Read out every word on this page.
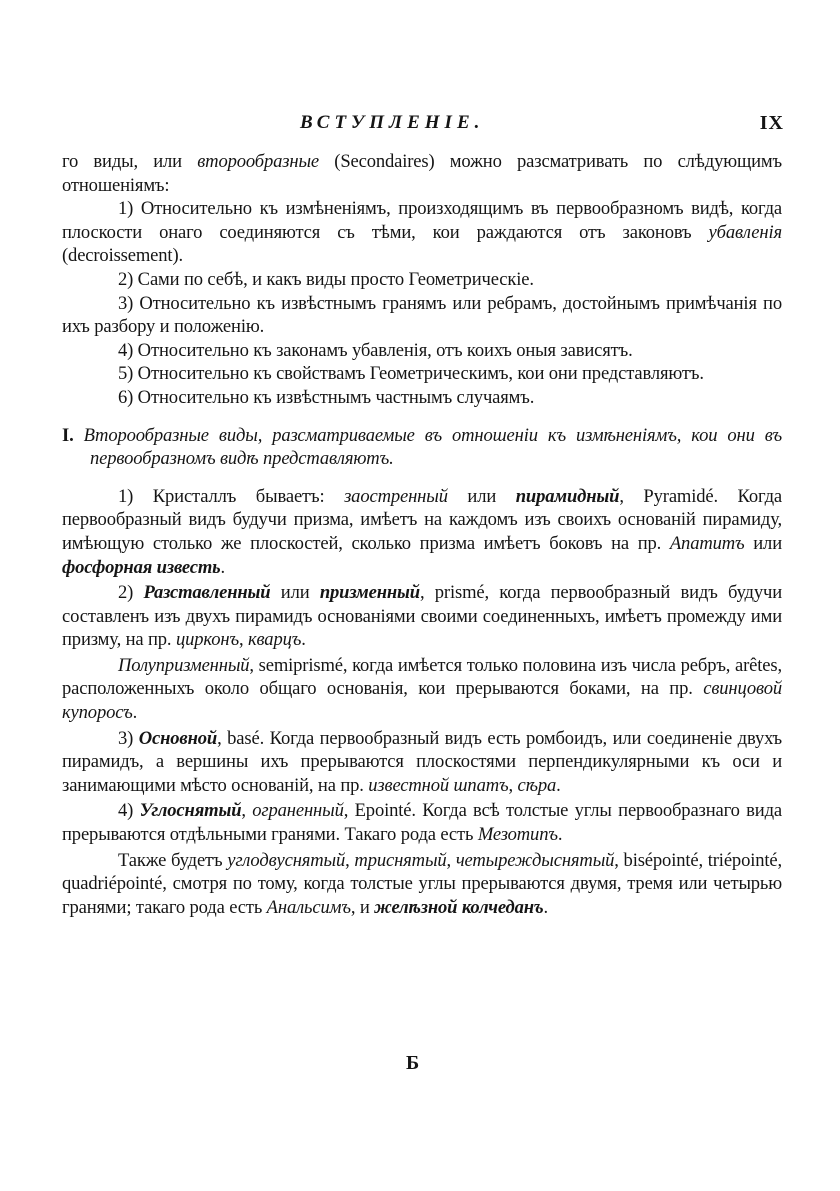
ВСТУПЛЕНІЕ.	IX

го виды, или второобразные (Secondaires) можно разсматривать по слѣдующимъ отношеніямъ:

1) Относительно къ измѣненіямъ, произходящимъ въ первообразномъ видѣ, когда плоскости онаго соединяются съ тѣми, кои раждаются отъ законовъ убавленія (decroissement).

2) Сами по себѣ, и какъ виды просто Геометрическіе.

3) Относительно къ извѣстнымъ гранямъ или ребрамъ, достойнымъ примѣчанія по ихъ разбору и положенію.

4) Относительно къ законамъ убавленія, отъ коихъ оныя зависятъ.

5) Относительно къ свойствамъ Геометрическимъ, кои они представляютъ.

6) Относительно къ извѣстнымъ частнымъ случаямъ.

I. Второобразные виды, разсматриваемые въ отношеніи къ измѣненіямъ, кои они въ первообразномъ видѣ представляютъ.

1) Кристаллъ бываетъ: заостренный или пирамидный, Pyramidé. Когда первообразный видъ будучи призма, имѣетъ на каждомъ изъ своихъ основаній пирамиду, имѣющую столько же плоскостей, сколько призма имѣетъ боковъ на пр. Апатитъ или фосфорная известь.

2) Разставленный или призменный, prismé, когда первообразный видъ будучи составленъ изъ двухъ пирамидъ основаніями своими соединенныхъ, имѣетъ промежду ими призму, на пр. цирконъ, кварцъ.

Полупризменный, semiprismé, когда имѣется только половина изъ числа ребръ, arêtes, расположенныхъ около общаго основанія, кои прерываются боками, на пр. свинцовой купоросъ.

3) Основной, basé. Когда первообразный видъ есть ромбоидъ, или соединеніе двухъ пирамидъ, а вершины ихъ прерываются плоскостями перпендикулярными къ оси и занимающими мѣсто основаній, на пр. известной шпатъ, сѣра.

4) Углоснятый, ограненный, Epointé. Когда всѣ толстые углы первообразнаго вида прерываются отдѣльными гранями. Такаго рода есть Мезотипъ.

Также будетъ углодвуснятый, триснятый, четыреждыснятый, bisépointé, triépointé, quadriépointé, смотря по тому, когда толстые углы прерываются двумя, тремя или четырью гранями; такаго рода есть Анальсимъ, и желѣзной колчеданъ.

Б
